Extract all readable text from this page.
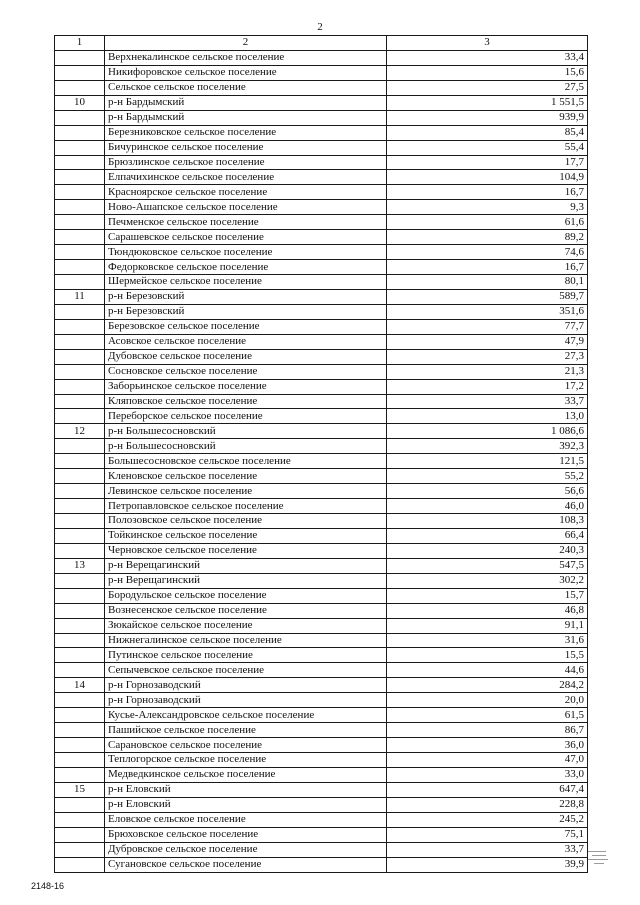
2
1	2	3
	Верхнекалинское сельское поселение	33,4
	Никифоровское сельское поселение	15,6
	Сельское сельское поселение	27,5
10	р-н Бардымский	1 551,5
	р-н Бардымский	939,9
	Березниковское сельское поселение	85,4
	Бичуринское сельское поселение	55,4
	Брюзлинское сельское поселение	17,7
	Елпачихинское сельское поселение	104,9
	Красноярское сельское поселение	16,7
	Ново-Ашапское сельское поселение	9,3
	Печменское сельское поселение	61,6
	Сарашевское сельское поселение	89,2
	Тюндюковское сельское поселение	74,6
	Федорковское сельское поселение	16,7
	Шермейское сельское поселение	80,1
11	р-н Березовский	589,7
	р-н Березовский	351,6
	Березовское сельское поселение	77,7
	Асовское сельское поселение	47,9
	Дубовское сельское поселение	27,3
	Сосновское сельское поселение	21,3
	Заборьинское сельское поселение	17,2
	Кляповское сельское поселение	33,7
	Переборское сельское поселение	13,0
12	р-н Большесосновский	1 086,6
	р-н Большесосновский	392,3
	Большесосновское сельское поселение	121,5
	Кленовское сельское поселение	55,2
	Левинское сельское поселение	56,6
	Петропавловское сельское поселение	46,0
	Полозовское сельское поселение	108,3
	Тойкинское сельское поселение	66,4
	Черновское сельское поселение	240,3
13	р-н Верещагинский	547,5
	р-н Верещагинский	302,2
	Бородульское сельское поселение	15,7
	Вознесенское сельское поселение	46,8
	Зюкайское сельское поселение	91,1
	Нижнегалинское сельское поселение	31,6
	Путинское сельское поселение	15,5
	Сепычевское сельское поселение	44,6
14	р-н Горнозаводский	284,2
	р-н Горнозаводский	20,0
	Кусье-Александровское сельское поселение	61,5
	Пашийское сельское поселение	86,7
	Сарановское сельское поселение	36,0
	Теплогорское сельское поселение	47,0
	Медведкинское сельское поселение	33,0
15	р-н Еловский	647,4
	р-н Еловский	228,8
	Еловское сельское поселение	245,2
	Брюховское сельское поселение	75,1
	Дубровское сельское поселение	33,7
	Сугановское сельское поселение	39,9
2148-16
